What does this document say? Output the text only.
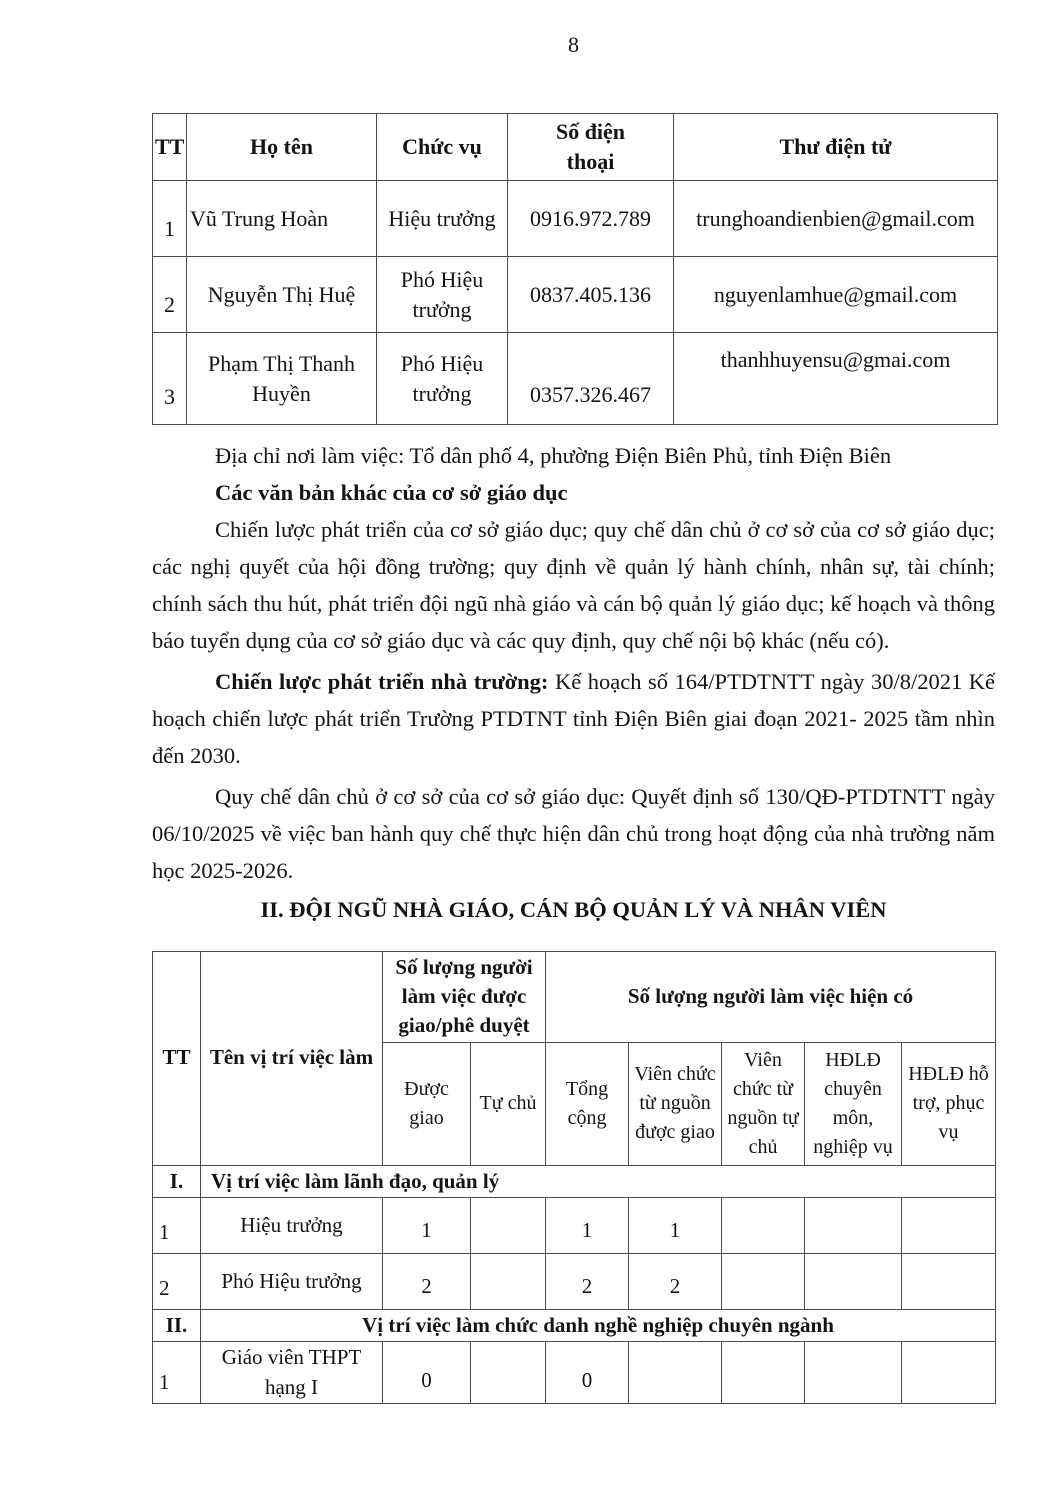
8
TT	Họ tên	Chức vụ	Số điện thoại	Thư điện tử
1	Vũ Trung Hoàn	Hiệu trưởng	0916.972.789	trunghoandienbien@gmail.com
2	Nguyễn Thị Huệ	Phó Hiệu trưởng	0837.405.136	nguyenlamhue@gmail.com
3	Phạm Thị Thanh Huyền	Phó Hiệu trưởng	0357.326.467	thanhhuyensu@gmai.com

Địa chỉ nơi làm việc: Tổ dân phố 4, phường Điện Biên Phủ, tỉnh Điện Biên

Các văn bản khác của cơ sở giáo dục

Chiến lược phát triển của cơ sở giáo dục; quy chế dân chủ ở cơ sở của cơ sở giáo dục; các nghị quyết của hội đồng trường; quy định về quản lý hành chính, nhân sự, tài chính; chính sách thu hút, phát triển đội ngũ nhà giáo và cán bộ quản lý giáo dục; kế hoạch và thông báo tuyển dụng của cơ sở giáo dục và các quy định, quy chế nội bộ khác (nếu có).

Chiến lược phát triển nhà trường: Kế hoạch số 164/PTDTNTT ngày 30/8/2021 Kế hoạch chiến lược phát triển Trường PTDTNT tỉnh Điện Biên giai đoạn 2021- 2025 tầm nhìn đến 2030.

Quy chế dân chủ ở cơ sở của cơ sở giáo dục: Quyết định số 130/QĐ-PTDTNTT ngày 06/10/2025 về việc ban hành quy chế thực hiện dân chủ trong hoạt động của nhà trường năm học 2025-2026.

II. ĐỘI NGŨ NHÀ GIÁO, CÁN BỘ QUẢN LÝ VÀ NHÂN VIÊN
TT	Tên vị trí việc làm	Số lượng người làm việc được giao/phê duyệt		Số lượng người làm việc hiện có				
		Được giao	Tự chủ	Tổng cộng	Viên chức từ nguồn được giao	Viên chức từ nguồn tự chủ	HĐLĐ chuyên môn, nghiệp vụ	HĐLĐ hỗ trợ, phục vụ
I.	Vị trí việc làm lãnh đạo, quản lý							
1	Hiệu trưởng	1		1	1			
2	Phó Hiệu trưởng	2		2	2			
II.	Vị trí việc làm chức danh nghề nghiệp chuyên ngành							
1	Giáo viên THPT hạng I	0		0				
